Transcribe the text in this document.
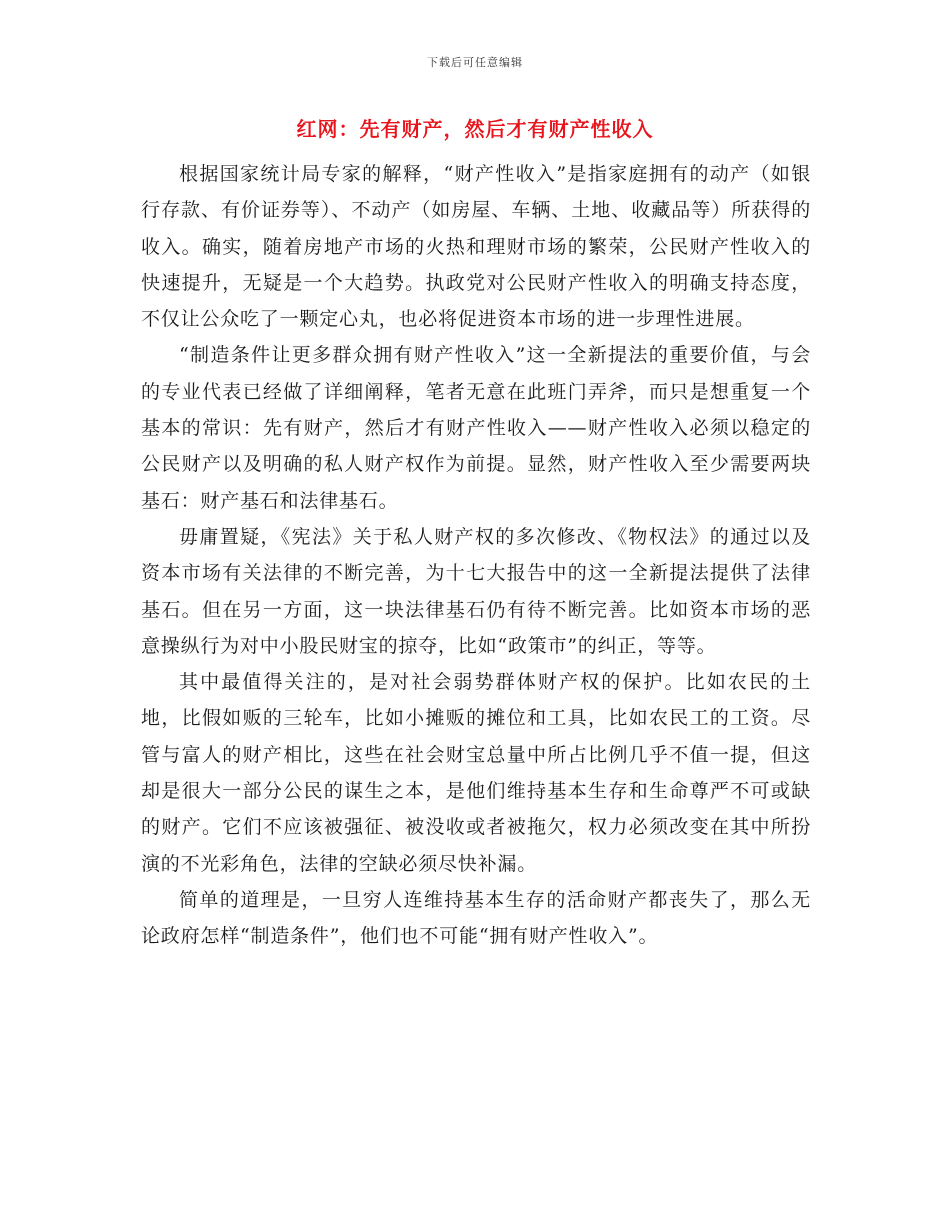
下载后可任意编辑
红网：先有财产，然后才有财产性收入

根据国家统计局专家的解释，“财产性收入”是指家庭拥有的动产（如银行存款、有价证券等）、不动产（如房屋、车辆、土地、收藏品等）所获得的收入。确实，随着房地产市场的火热和理财市场的繁荣，公民财产性收入的快速提升，无疑是一个大趋势。执政党对公民财产性收入的明确支持态度，不仅让公众吃了一颗定心丸，也必将促进资本市场的进一步理性进展。

“制造条件让更多群众拥有财产性收入”这一全新提法的重要价值，与会的专业代表已经做了详细阐释，笔者无意在此班门弄斧，而只是想重复一个基本的常识：先有财产，然后才有财产性收入——财产性收入必须以稳定的公民财产以及明确的私人财产权作为前提。显然，财产性收入至少需要两块基石：财产基石和法律基石。

毋庸置疑，《宪法》关于私人财产权的多次修改、《物权法》的通过以及资本市场有关法律的不断完善，为十七大报告中的这一全新提法提供了法律基石。但在另一方面，这一块法律基石仍有待不断完善。比如资本市场的恶意操纵行为对中小股民财宝的掠夺，比如“政策市”的纠正，等等。

其中最值得关注的，是对社会弱势群体财产权的保护。比如农民的土地，比假如贩的三轮车，比如小摊贩的摊位和工具，比如农民工的工资。尽管与富人的财产相比，这些在社会财宝总量中所占比例几乎不值一提，但这却是很大一部分公民的谋生之本，是他们维持基本生存和生命尊严不可或缺的财产。它们不应该被强征、被没收或者被拖欠，权力必须改变在其中所扮演的不光彩角色，法律的空缺必须尽快补漏。

简单的道理是，一旦穷人连维持基本生存的活命财产都丧失了，那么无论政府怎样“制造条件”，他们也不可能“拥有财产性收入”。
